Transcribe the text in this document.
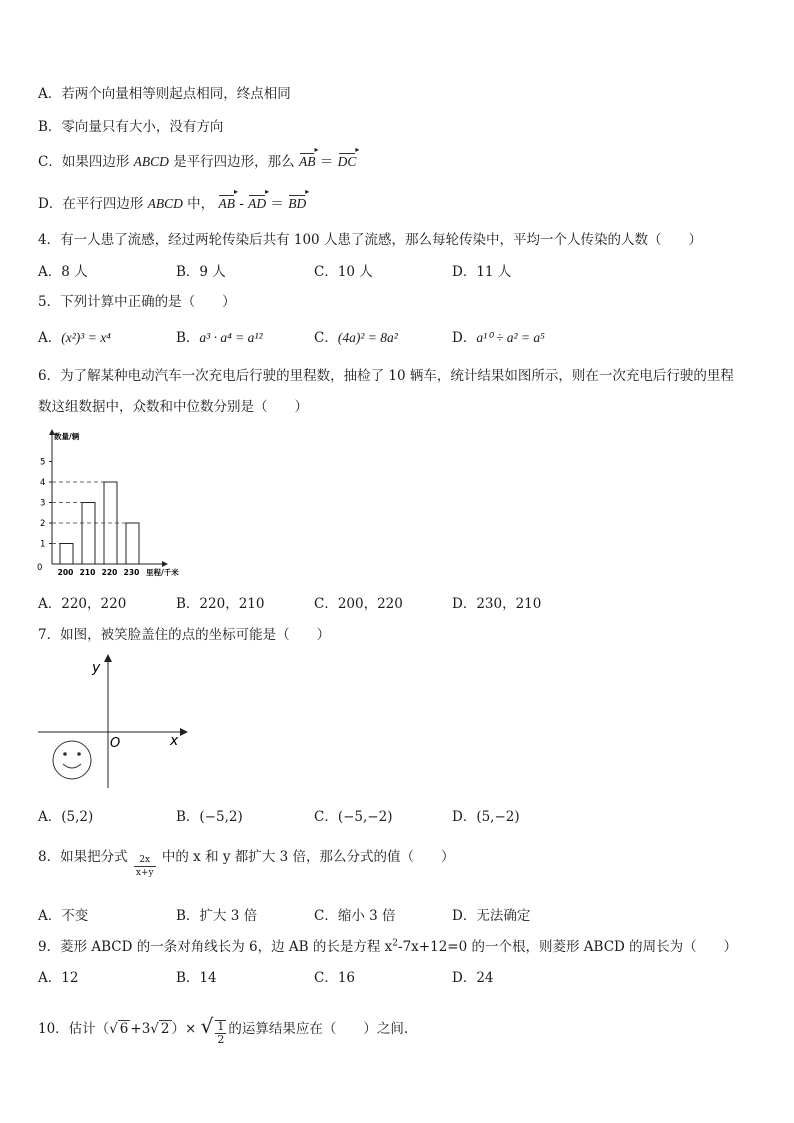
A．若两个向量相等则起点相同，终点相同
B．零向量只有大小，没有方向
C．如果四边形 ABCD 是平行四边形，那么 AB ▸ ＝ DC ▸
D．在平行四边形 ABCD 中， AB ▸ - AD ▸ ＝ BD ▸
4．有一人患了流感，经过两轮传染后共有 100 人患了流感，那么每轮传染中，平均一个人传染的人数（　　）
A．8 人	B．9 人	C．10 人	D．11 人
5．下列计算中正确的是（　　）
A．(x²)³ = x⁴	B．a³ · a⁴ = a¹²	C．(4a)² = 8a²	D．a¹⁰ ÷ a² = a⁵
6．为了解某种电动汽车一次充电后行驶的里程数，抽检了 10 辆车，统计结果如图所示，则在一次充电后行驶的里程
数这组数据中，众数和中位数分别是（　　）
数量/辆
里程/千米
0
1
2
3
4
5
200 210 220 230
A．220，220	B．220，210	C．200，220	D．230，210
7．如图，被笑脸盖住的点的坐标可能是（　　）
x
y
O
A．(5,2)	B．(−5,2)	C．(−5,−2)	D．(5,−2)
8．如果把分式 $\frac{2x}{x+y}$ 中的 x 和 y 都扩大 3 倍，那么分式的值（　　）
A．不变	B．扩大 3 倍	C．缩小 3 倍	D．无法确定
9．菱形 ABCD 的一条对角线长为 6，边 AB 的长是方程 $x^2-7x+12=0$ 的一个根，则菱形 ABCD 的周长为（　　）
A．12	B．14	C．16	D．24
10．估计（√ 6 +3√ 2 ）× √ $\frac{1}{2}$ 的运算结果应在（　　）之间.
